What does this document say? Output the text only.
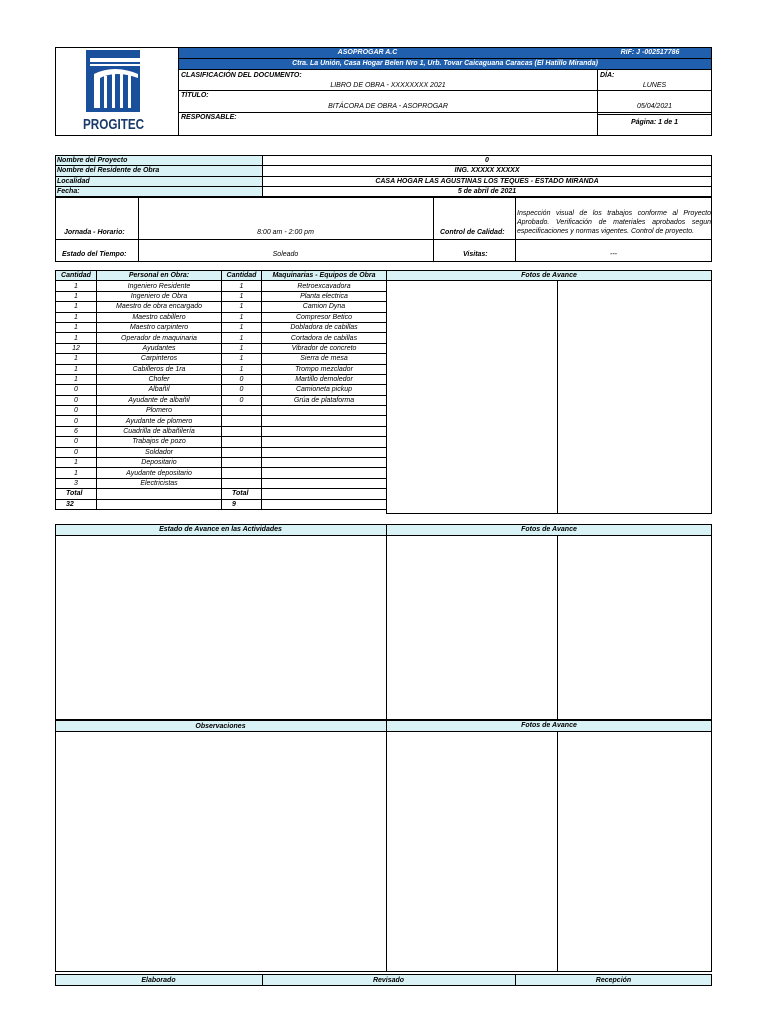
PROGITEC
ASOPROGAR A.C	RIF: J -002517786
Ctra. La Unión, Casa Hogar Belen Nro 1, Urb. Tovar Caicaguana Caracas (El Hatillo Miranda)
CLASIFICACIÓN DEL DOCUMENTO:
LIBRO DE OBRA - XXXXXXXX 2021
DÍA:
LUNES
TÍTULO:
BITÁCORA DE OBRA - ASOPROGAR	05/04/2021
RESPONSABLE:
Página: 1 de 1
Nombre del Proyecto	0
Nombre del Residente de Obra	ING. XXXXX XXXXX
Localidad	CASA HOGAR LAS AGUSTINAS LOS TEQUES - ESTADO MIRANDA
Fecha:	5 de abril de 2021
Jornada - Horario:	8:00 am - 2:00 pm	Control de Calidad:
Inspección visual de los trabajos conforme al Proyecto Aprobado. Verificación de materiales aprobados segun especificaciones y normas vigentes. Control de proyecto.
Estado del Tiempo:	Soleado	Visitas:	---
Cantidad	Personal en Obra:	Cantidad	Maquinarias - Equipos de Obra
1	Ingeniero Residente	1	Retroexcavadora
1	Ingeniero de Obra	1	Planta electrica
1	Maestro de obra encargado	1	Camion Dyna
1	Maestro cabillero	1	Compresor Betico
1	Maestro carpintero	1	Dobladora de cabillas
1	Operador de maquinaria	1	Cortadora de cabillas
12	Ayudantes	1	Vibrador de concreto
1	Carpinteros	1	Sierra de mesa
1	Cabilleros de 1ra	1	Trompo mezclador
1	Chofer	0	Martillo demoledor
0	Albañil	0	Camioneta pickup
0	Ayudante de albañil	0	Grúa de plataforma
0	Plomero		
0	Ayudante de plomero		
6	Cuadrilla de albañilería		
0	Trabajos de pozo		
0	Soldador		
1	Depositario		
1	Ayudante depositario		
3	Electricistas		
Total		Total	
32		9	
Fotos de Avance
Estado de Avance en las Actividades	Fotos de Avance
Observaciones	Fotos de Avance
Elaborado	Revisado	Recepción
